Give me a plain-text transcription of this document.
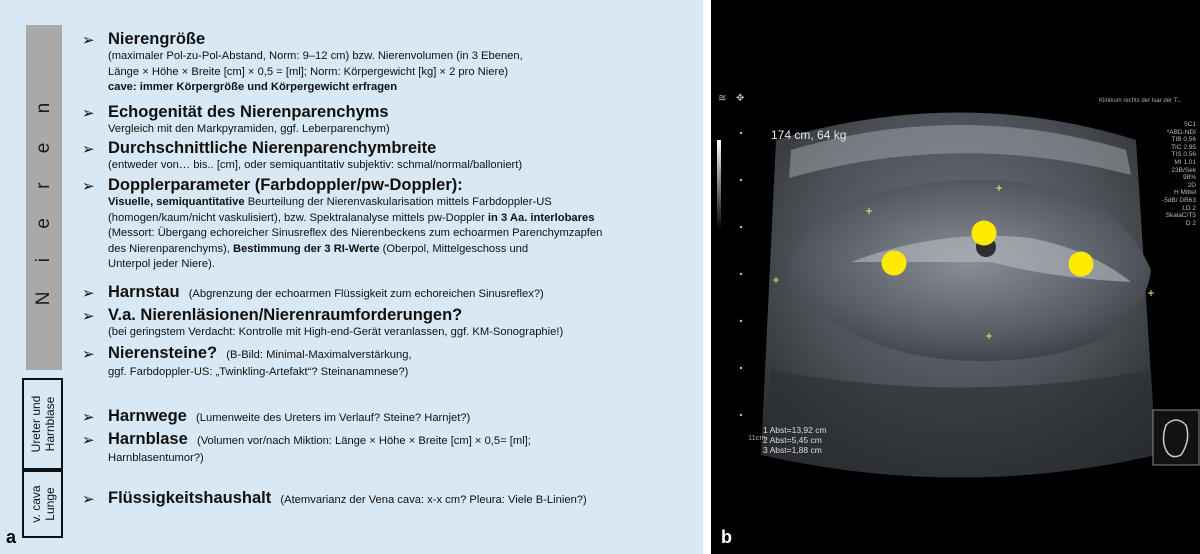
N i e r e n
Ureter und
Harnblase
v. cava
Lunge
➢ Nierengröße
(maximaler Pol-zu-Pol-Abstand, Norm: 9–12 cm) bzw. Nierenvolumen (in 3 Ebenen,
Länge × Höhe × Breite [cm] × 0,5 = [ml]; Norm: Körpergewicht [kg] × 2 pro Niere)
cave: immer Körpergröße und Körpergewicht erfragen
➢ Echogenität des Nierenparenchyms
Vergleich mit den Markpyramiden, ggf. Leberparenchym)
➢ Durchschnittliche Nierenparenchymbreite
(entweder von… bis.. [cm], oder semiquantitativ subjektiv: schmal/normal/balloniert)
➢ Dopplerparameter (Farbdoppler/pw-Doppler):
Visuelle, semiquantitative Beurteilung der Nierenvaskularisation mittels Farbdoppler-US
(homogen/kaum/nicht vaskulisiert), bzw. Spektralanalyse mittels pw-Doppler in 3 Aa. interlobares
(Messort: Übergang echoreicher Sinusreflex des Nierenbeckens zum echoarmen Parenchymzapfen
des Nierenparenchyms), Bestimmung der 3 RI-Werte (Oberpol, Mittelgeschoss und
Unterpol jeder Niere).
➢ Harnstau (Abgrenzung der echoarmen Flüssigkeit zum echoreichen Sinusreflex?)
➢ V.a. Nierenläsionen/Nierenraumforderungen?
(bei geringstem Verdacht: Kontrolle mit High-end-Gerät veranlassen, ggf. KM-Sonographie!)
➢ Nierensteine? (B-Bild: Minimal-Maximalverstärkung,
ggf. Farbdoppler-US: „Twinkling-Artefakt“? Steinanamnese?)
➢ Harnwege (Lumenweite des Ureters im Verlauf? Steine? Harnjet?)
➢ Harnblase (Volumen vor/nach Miktion: Länge × Höhe × Breite [cm] × 0,5= [ml];
Harnblasentumor?)
➢ Flüssigkeitshaushalt (Atemvarianz der Vena cava: x-x cm? Pleura: Viele B-Linien?)
a
≅ ✥
174 cm, 64 kg
Klinikum rechts der Isar der T...
5C1
*ABD-NDI
TIB 0.56
TIC 2.95
TIS 0.56
MI 1.01
23B/Sek
98%
2D
H Mittel
-5dB/ DR63
LD 2
SkalaC/T5
D 2
11cm
1 Abst=13,92 cm
2 Abst=5,45 cm
3 Abst=1,88 cm
b
